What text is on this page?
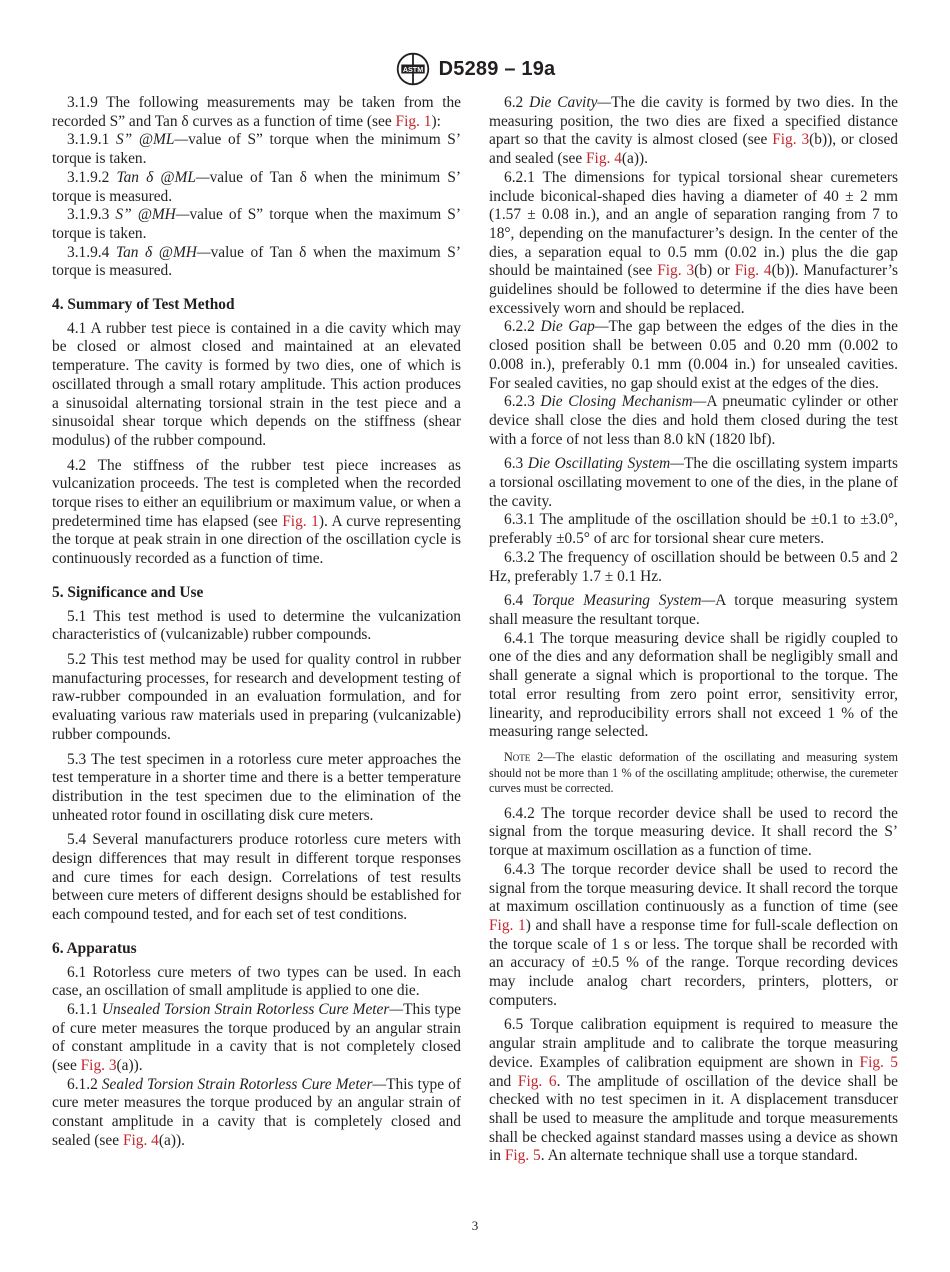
ASTM D5289 – 19a

3.1.9 The following measurements may be taken from the recorded S” and Tan δ curves as a function of time (see Fig. 1):

3.1.9.1 S” @ML—value of S” torque when the minimum S’ torque is taken.

3.1.9.2 Tan δ @ML—value of Tan δ when the minimum S’ torque is measured.

3.1.9.3 S” @MH—value of S” torque when the maximum S’ torque is taken.

3.1.9.4 Tan δ @MH—value of Tan δ when the maximum S’ torque is measured.

4. Summary of Test Method

4.1 A rubber test piece is contained in a die cavity which may be closed or almost closed and maintained at an elevated temperature. The cavity is formed by two dies, one of which is oscillated through a small rotary amplitude. This action produces a sinusoidal alternating torsional strain in the test piece and a sinusoidal shear torque which depends on the stiffness (shear modulus) of the rubber compound.

4.2 The stiffness of the rubber test piece increases as vulcanization proceeds. The test is completed when the recorded torque rises to either an equilibrium or maximum value, or when a predetermined time has elapsed (see Fig. 1). A curve representing the torque at peak strain in one direction of the oscillation cycle is continuously recorded as a function of time.

5. Significance and Use

5.1 This test method is used to determine the vulcanization characteristics of (vulcanizable) rubber compounds.

5.2 This test method may be used for quality control in rubber manufacturing processes, for research and development testing of raw-rubber compounded in an evaluation formulation, and for evaluating various raw materials used in preparing (vulcanizable) rubber compounds.

5.3 The test specimen in a rotorless cure meter approaches the test temperature in a shorter time and there is a better temperature distribution in the test specimen due to the elimination of the unheated rotor found in oscillating disk cure meters.

5.4 Several manufacturers produce rotorless cure meters with design differences that may result in different torque responses and cure times for each design. Correlations of test results between cure meters of different designs should be established for each compound tested, and for each set of test conditions.

6. Apparatus

6.1 Rotorless cure meters of two types can be used. In each case, an oscillation of small amplitude is applied to one die.

6.1.1 Unsealed Torsion Strain Rotorless Cure Meter—This type of cure meter measures the torque produced by an angular strain of constant amplitude in a cavity that is not completely closed (see Fig. 3(a)).

6.1.2 Sealed Torsion Strain Rotorless Cure Meter—This type of cure meter measures the torque produced by an angular strain of constant amplitude in a cavity that is completely closed and sealed (see Fig. 4(a)).

6.2 Die Cavity—The die cavity is formed by two dies. In the measuring position, the two dies are fixed a specified distance apart so that the cavity is almost closed (see Fig. 3(b)), or closed and sealed (see Fig. 4(a)).

6.2.1 The dimensions for typical torsional shear curemeters include biconical-shaped dies having a diameter of 40 ± 2 mm (1.57 ± 0.08 in.), and an angle of separation ranging from 7 to 18°, depending on the manufacturer’s design. In the center of the dies, a separation equal to 0.5 mm (0.02 in.) plus the die gap should be maintained (see Fig. 3(b) or Fig. 4(b)). Manufacturer’s guidelines should be followed to determine if the dies have been excessively worn and should be replaced.

6.2.2 Die Gap—The gap between the edges of the dies in the closed position shall be between 0.05 and 0.20 mm (0.002 to 0.008 in.), preferably 0.1 mm (0.004 in.) for unsealed cavities. For sealed cavities, no gap should exist at the edges of the dies.

6.2.3 Die Closing Mechanism—A pneumatic cylinder or other device shall close the dies and hold them closed during the test with a force of not less than 8.0 kN (1820 lbf).

6.3 Die Oscillating System—The die oscillating system imparts a torsional oscillating movement to one of the dies, in the plane of the cavity.

6.3.1 The amplitude of the oscillation should be ±0.1 to ±3.0°, preferably ±0.5° of arc for torsional shear cure meters.

6.3.2 The frequency of oscillation should be between 0.5 and 2 Hz, preferably 1.7 ± 0.1 Hz.

6.4 Torque Measuring System—A torque measuring system shall measure the resultant torque.

6.4.1 The torque measuring device shall be rigidly coupled to one of the dies and any deformation shall be negligibly small and shall generate a signal which is proportional to the torque. The total error resulting from zero point error, sensitivity error, linearity, and reproducibility errors shall not exceed 1 % of the measuring range selected.

Note 2—The elastic deformation of the oscillating and measuring system should not be more than 1 % of the oscillating amplitude; otherwise, the curemeter curves must be corrected.

6.4.2 The torque recorder device shall be used to record the signal from the torque measuring device. It shall record the S’ torque at maximum oscillation as a function of time.

6.4.3 The torque recorder device shall be used to record the signal from the torque measuring device. It shall record the torque at maximum oscillation continuously as a function of time (see Fig. 1) and shall have a response time for full-scale deflection on the torque scale of 1 s or less. The torque shall be recorded with an accuracy of ±0.5 % of the range. Torque recording devices may include analog chart recorders, printers, plotters, or computers.

6.5 Torque calibration equipment is required to measure the angular strain amplitude and to calibrate the torque measuring device. Examples of calibration equipment are shown in Fig. 5 and Fig. 6. The amplitude of oscillation of the device shall be checked with no test specimen in it. A displacement transducer shall be used to measure the amplitude and torque measurements shall be checked against standard masses using a device as shown in Fig. 5. An alternate technique shall use a torque standard.

3
